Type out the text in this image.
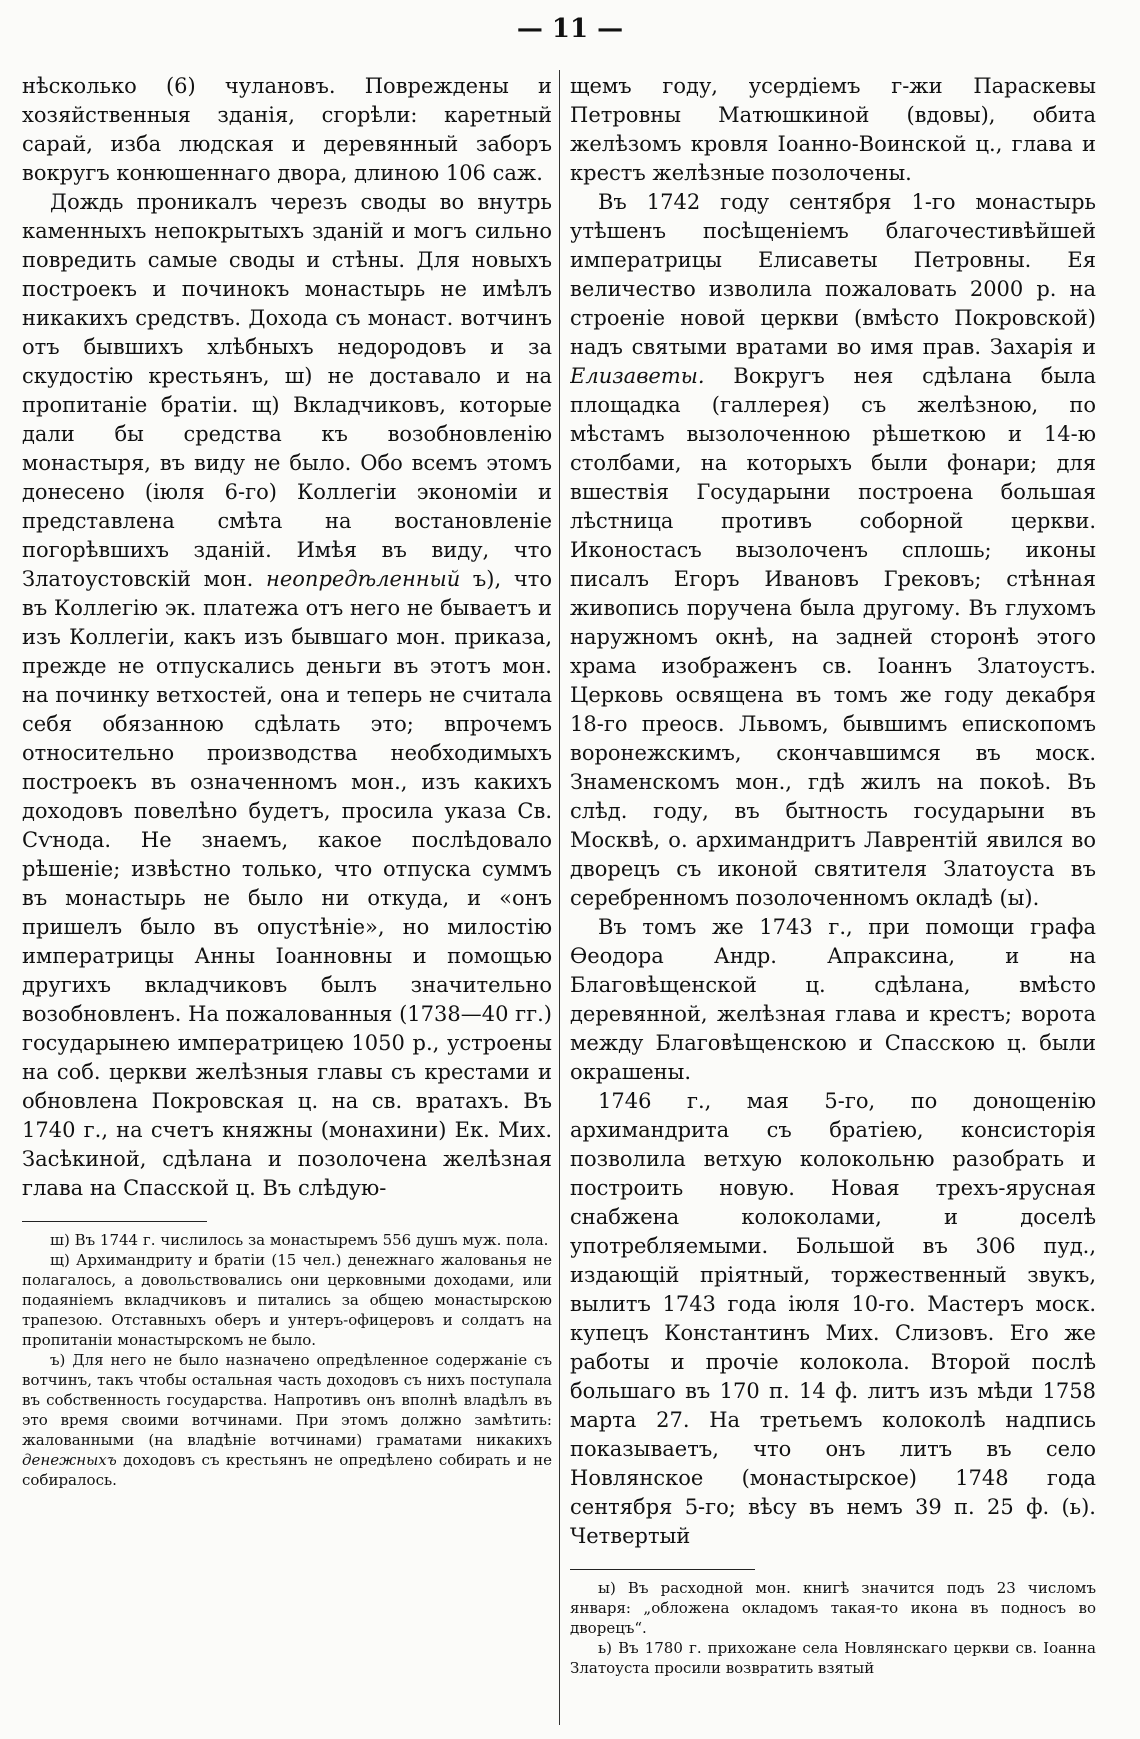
— 11 —

нѣсколько (6) чулановъ. Повреждены и хозяйственныя зданія, сгорѣли: каретный сарай, изба людская и деревянный заборъ вокругъ конюшеннаго двора, длиною 106 саж.

Дождь проникалъ черезъ своды во внутрь каменныхъ непокрытыхъ зданій и могъ сильно повредить самые своды и стѣны. Для новыхъ построекъ и починокъ монастырь не имѣлъ никакихъ средствъ. Дохода съ монаст. вотчинъ отъ бывшихъ хлѣбныхъ недородовъ и за скудостію крестьянъ, ш) не доставало и на пропитаніе братіи. щ) Вкладчиковъ, которые дали бы средства къ возобновленію монастыря, въ виду не было. Обо всемъ этомъ донесено (іюля 6-го) Коллегіи экономіи и представлена смѣта на востановленіе погорѣвшихъ зданій. Имѣя въ виду, что Златоустовскій мон. неопредѣленный ъ), что въ Коллегію эк. платежа отъ него не бываетъ и изъ Коллегіи, какъ изъ бывшаго мон. приказа, прежде не отпускались деньги въ этотъ мон. на починку ветхостей, она и теперь не считала себя обязанною сдѣлать это; впрочемъ относительно производства необходимыхъ построекъ въ означенномъ мон., изъ какихъ доходовъ повелѣно будетъ, просила указа Св. Сѵнода. Не знаемъ, какое послѣдовало рѣшеніе; извѣстно только, что отпуска суммъ въ монастырь не было ни откуда, и «онъ пришелъ было въ опустѣніе», но милостію императрицы Анны Іоанновны и помощью другихъ вкладчиковъ былъ значительно возобновленъ. На пожалованныя (1738—40 гг.) государынею императрицею 1050 р., устроены на соб. церкви желѣзныя главы съ крестами и обновлена Покровская ц. на св. вратахъ. Въ 1740 г., на счетъ княжны (монахини) Ек. Мих. Засѣкиной, сдѣлана и позолочена желѣзная глава на Спасской ц. Въ слѣдую-

ш) Въ 1744 г. числилось за монастыремъ 556 душъ муж. пола.

щ) Архимандриту и братіи (15 чел.) денежнаго жалованья не полагалось, а довольствовались они церковными доходами, или подаяніемъ вкладчиковъ и питались за общею монастырскою трапезою. Отставныхъ оберъ и унтеръ-офицеровъ и солдатъ на пропитаніи монастырскомъ не было.

ъ) Для него не было назначено опредѣленное содержаніе съ вотчинъ, такъ чтобы остальная часть доходовъ съ нихъ поступала въ собственность государства. Напротивъ онъ вполнѣ владѣлъ въ это время своими вотчинами. При этомъ должно замѣтить: жалованными (на владѣніе вотчинами) граматами никакихъ денежныхъ доходовъ съ крестьянъ не опредѣлено собирать и не собиралось.

щемъ году, усердіемъ г-жи Параскевы Петровны Матюшкиной (вдовы), обита желѣзомъ кровля Іоанно-Воинской ц., глава и крестъ желѣзные позолочены.

Въ 1742 году сентября 1-го монастырь утѣшенъ посѣщеніемъ благочестивѣйшей императрицы Елисаветы Петровны. Ея величество изволила пожаловать 2000 р. на строеніе новой церкви (вмѣсто Покровской) надъ святыми вратами во имя прав. Захарія и Елизаветы. Вокругъ нея сдѣлана была площадка (галлерея) съ желѣзною, по мѣстамъ вызолоченною рѣшеткою и 14-ю столбами, на которыхъ были фонари; для вшествія Государыни построена большая лѣстница противъ соборной церкви. Иконостасъ вызолоченъ сплошь; иконы писалъ Егоръ Ивановъ Грековъ; стѣнная живопись поручена была другому. Въ глухомъ наружномъ окнѣ, на задней сторонѣ этого храма изображенъ св. Іоаннъ Златоустъ. Церковь освящена въ томъ же году декабря 18-го преосв. Львомъ, бывшимъ епископомъ воронежскимъ, скончавшимся въ моск. Знаменскомъ мон., гдѣ жилъ на покоѣ. Въ слѣд. году, въ бытность государыни въ Москвѣ, о. архимандритъ Лаврентій явился во дворецъ съ иконой святителя Златоуста въ серебренномъ позолоченномъ окладѣ (ы).

Въ томъ же 1743 г., при помощи графа Ѳеодора Андр. Апраксина, и на Благовѣщенской ц. сдѣлана, вмѣсто деревянной, желѣзная глава и крестъ; ворота между Благовѣщенскою и Спасскою ц. были окрашены.

1746 г., мая 5-го, по донощенію архимандрита съ братіею, консисторія позволила ветхую колокольню разобрать и построить новую. Новая трехъ-ярусная снабжена колоколами, и доселѣ употребляемыми. Большой въ 306 пуд., издающій пріятный, торжественный звукъ, вылитъ 1743 года іюля 10-го. Мастеръ моск. купецъ Константинъ Мих. Слизовъ. Его же работы и прочіе колокола. Второй послѣ большаго въ 170 п. 14 ф. литъ изъ мѣди 1758 марта 27. На третьемъ колоколѣ надпись показываетъ, что онъ литъ въ село Новлянское (монастырское) 1748 года сентября 5-го; вѣсу въ немъ 39 п. 25 ф. (ь). Четвертый

ы) Въ расходной мон. книгѣ значится подъ 23 числомъ января: „обложена окладомъ такая-то икона въ подносъ во дворецъ“.

ь) Въ 1780 г. прихожане села Новлянскаго церкви св. Іоанна Златоуста просили возвратить взятый
